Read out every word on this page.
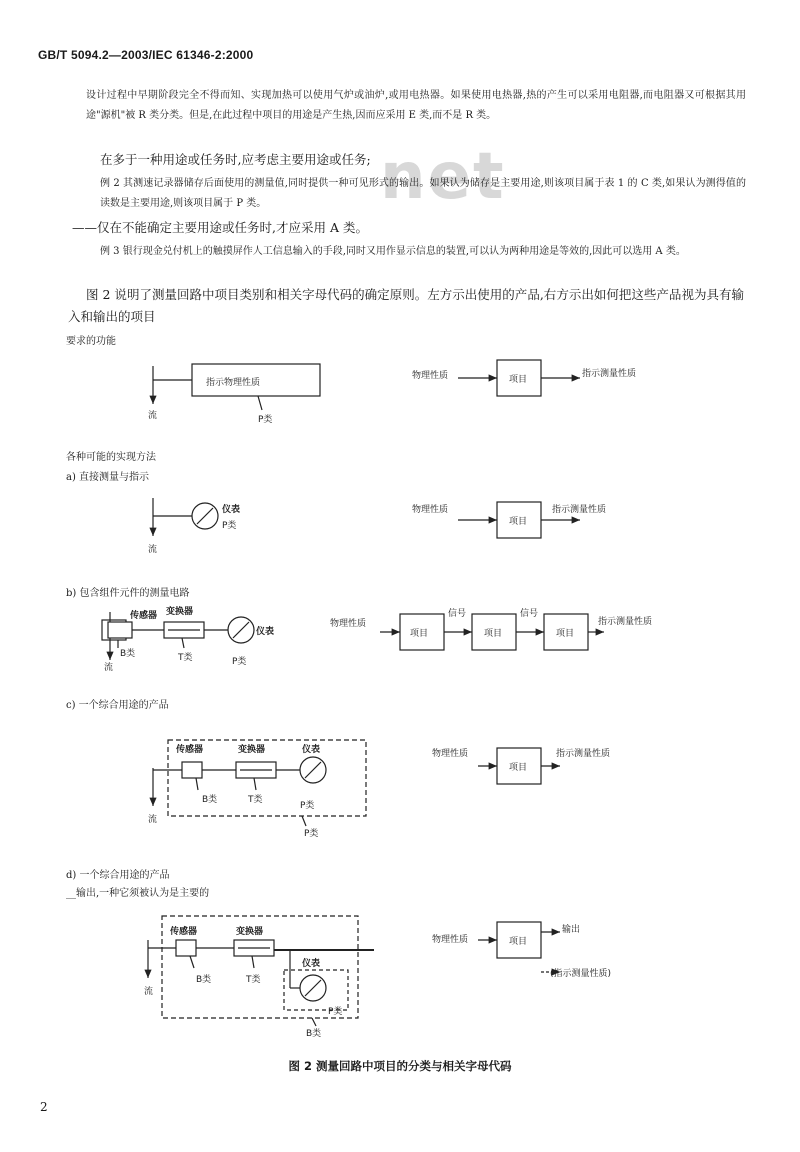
net
GB/T 5094.2—2003/IEC 61346-2:2000
设计过程中早期阶段完全不得而知、实现加热可以使用气炉或油炉,或用电热器。如果使用电热器,热的产生可以采用电阻器,而电阻器又可根据其用途"源机"被 R 类分类。但是,在此过程中项目的用途是产生热,因而应采用 E 类,而不是 R 类。
在多于一种用途或任务时,应考虑主要用途或任务;
例 2 其测速记录器储存后面使用的测量值,同时提供一种可见形式的输出。如果认为储存是主要用途,则该项目属于表 1 的 C 类,如果认为测得值的读数是主要用途,则该项目属于 P 类。
——仅在不能确定主要用途或任务时,才应采用 A 类。
例 3 银行现金兑付机上的触摸屏作人工信息输入的手段,同时又用作显示信息的装置,可以认为两种用途是等效的,因此可以选用 A 类。
图 2 说明了测量回路中项目类别和相关字母代码的确定原则。左方示出使用的产品,右方示出如何把这些产品视为具有输入和输出的项目
要求的功能
各种可能的实现方法
a) 直接测量与指示
b) 包含组件元件的测量电路
c) 一个综合用途的产品
d) 一个综合用途的产品
__输出,一种它须被认为是主要的
指示物理性质
流	P类
物理性质	项目
指示测量性质
仪表
P类
流
物理性质
项目
指示测量性质
传感器 变换器
仪表
B类
流
T类	P类
物理性质
项目
信号
项目
信号
项目
指示测量性质
传感器	变换器	仪表
B类	T类
P类
流
P类
物理性质
项目
指示测量性质
传感器	变换器
仪表
B类	T类
P类
流
B类
物理性质	项目
输出
(指示测量性质)
图 2 测量回路中项目的分类与相关字母代码
2
